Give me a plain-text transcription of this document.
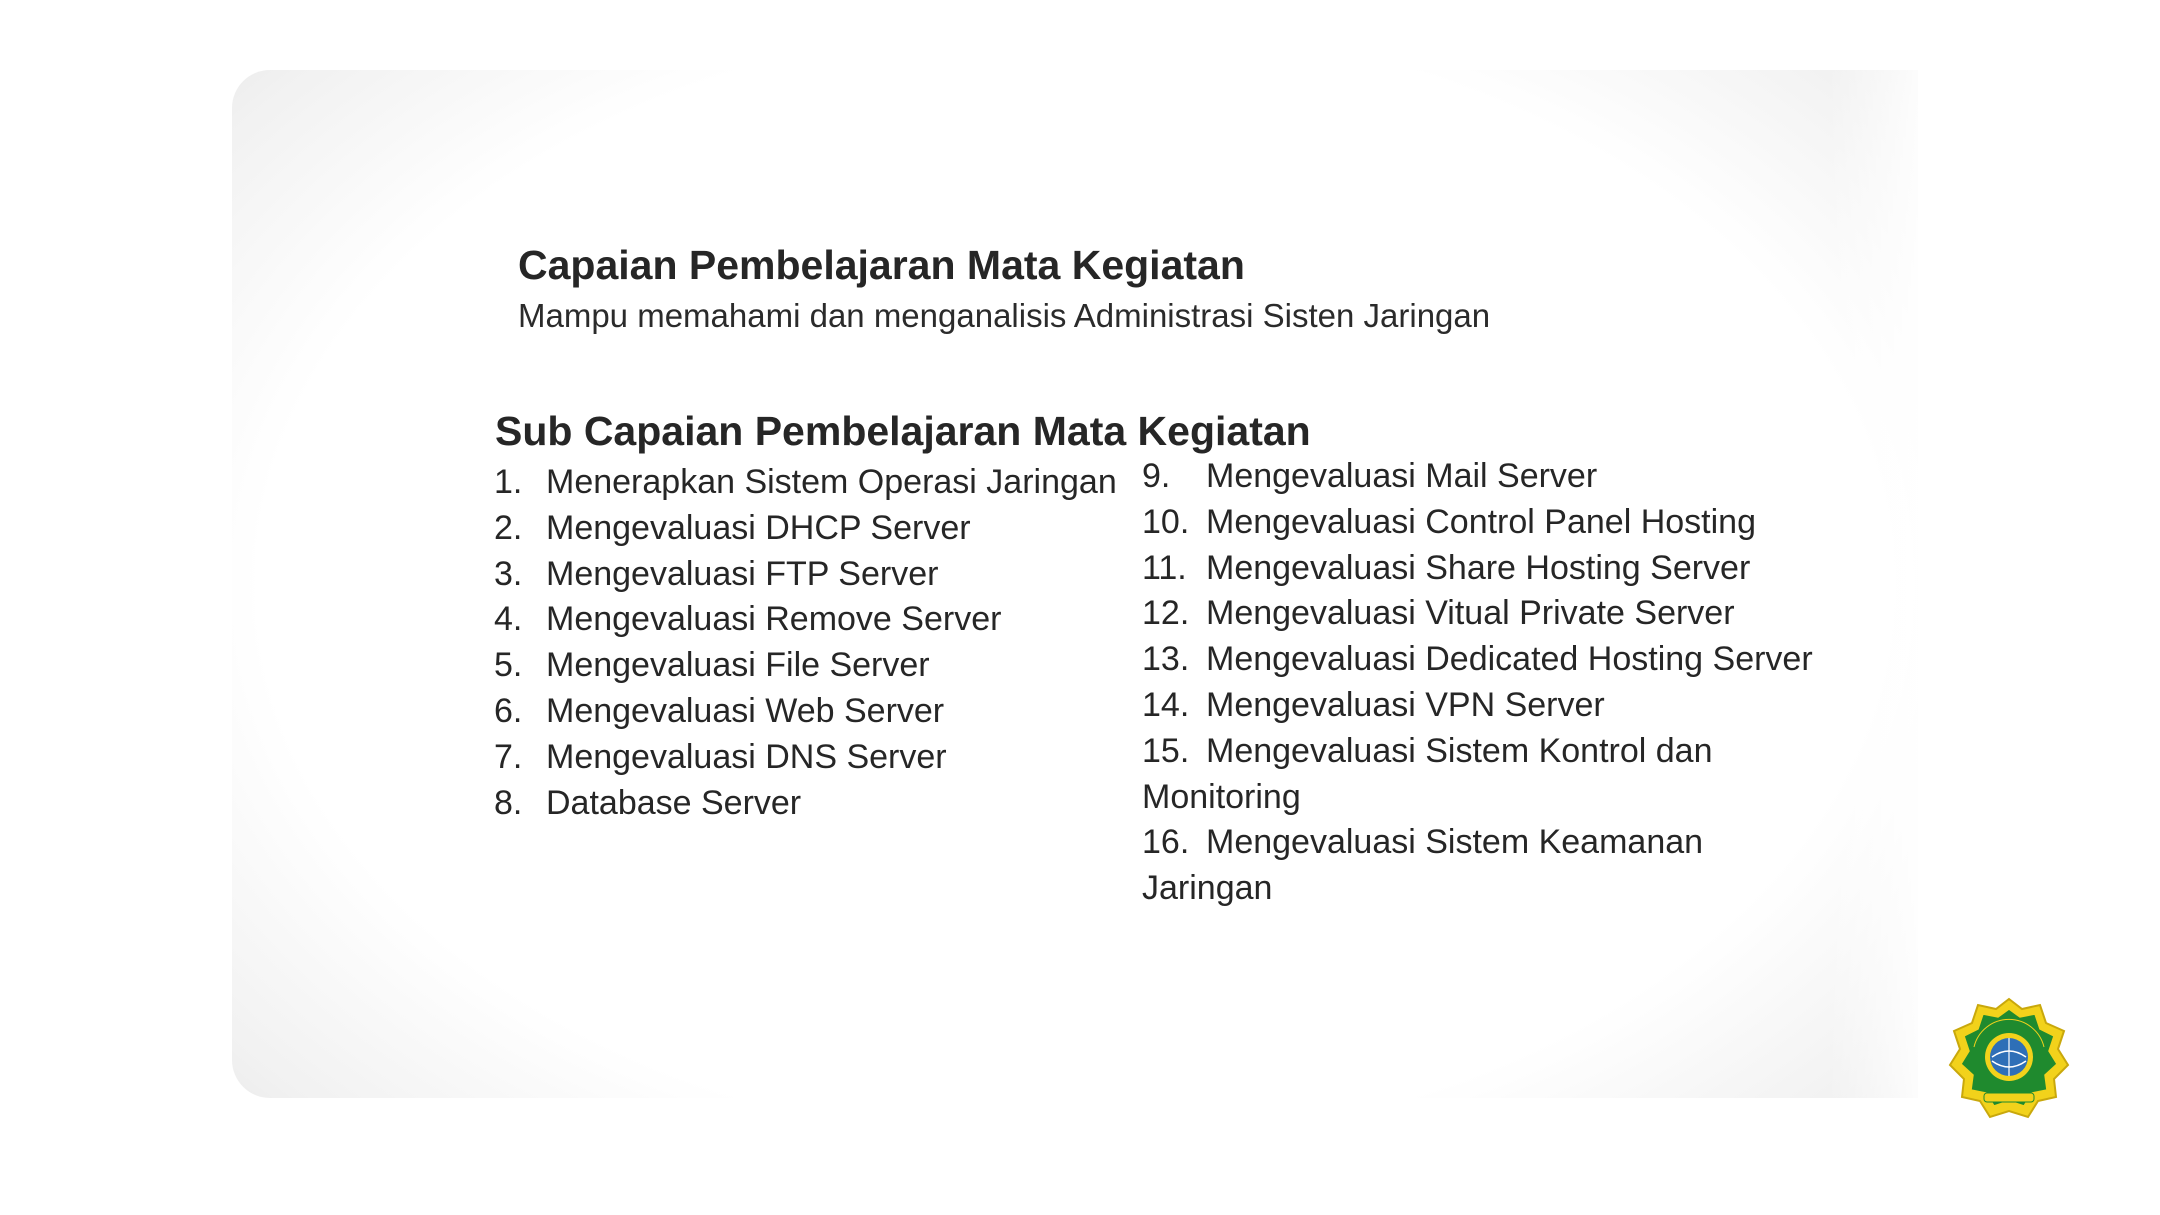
Capaian Pembelajaran Mata Kegiatan
Mampu memahami dan menganalisis Administrasi Sisten Jaringan
Sub Capaian Pembelajaran Mata Kegiatan
1. Menerapkan Sistem Operasi Jaringan
2. Mengevaluasi DHCP Server
3. Mengevaluasi FTP Server
4. Mengevaluasi Remove Server
5. Mengevaluasi File Server
6. Mengevaluasi Web Server
7. Mengevaluasi DNS Server
8. Database Server
9. Mengevaluasi Mail Server
10. Mengevaluasi Control Panel Hosting
11. Mengevaluasi Share Hosting Server
12. Mengevaluasi Vitual Private Server
13. Mengevaluasi Dedicated Hosting Server
14. Mengevaluasi VPN Server
15. Mengevaluasi Sistem Kontrol dan Monitoring
16. Mengevaluasi Sistem Keamanan Jaringan
